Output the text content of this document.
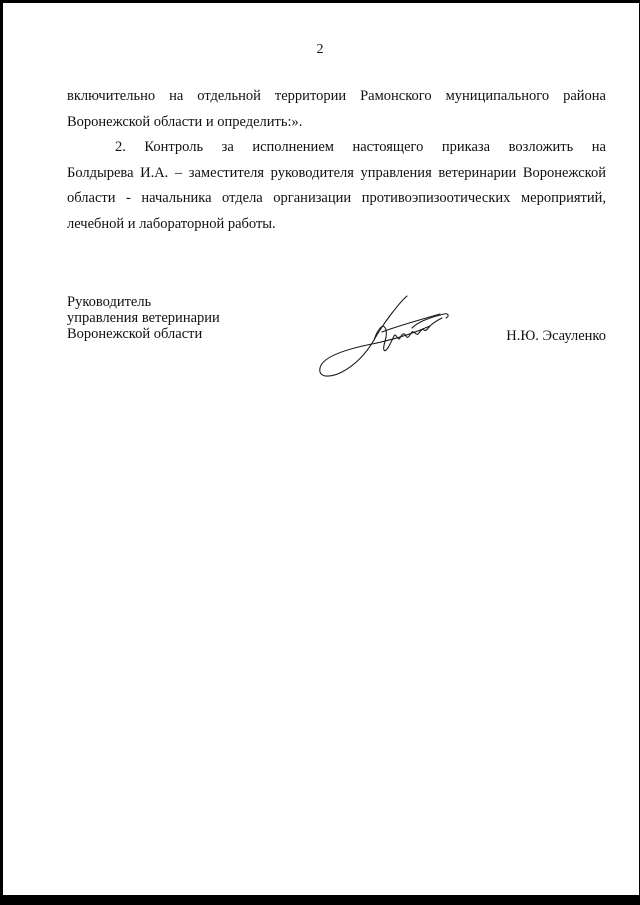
2

включительно на отдельной территории Рамонского муниципального района
Воронежской области и определить:».

2. Контроль за исполнением настоящего приказа возложить на
Болдырева И.А. – заместителя руководителя управления ветеринарии Воронежской
области - начальника отдела организации противоэпизоотических мероприятий,
лечебной и лабораторной работы.

Руководитель
управления ветеринарии
Воронежской области	Н.Ю. Эсауленко
